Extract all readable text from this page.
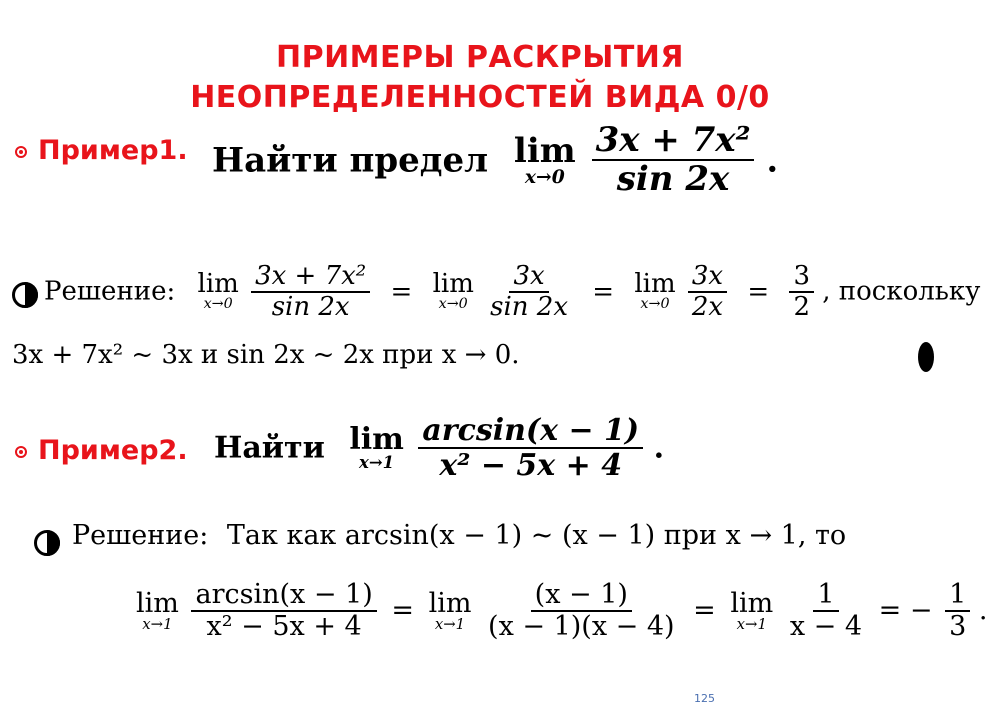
ПРИМЕРЫ РАСКРЫТИЯ
НЕОПРЕДЕЛЕННОСТЕЙ ВИДА 0/0
Пример1. Найти предел lim
x→0
$\frac{\text{3x + 7x²}}{\sin 2x}$ .
Решение: lim
x→0
$\frac{\text{3x + 7x²}}{\sin 2x} = \lim$
x→0
$\frac{3x}{\sin 2x} = \lim$
x→0
$\frac{3x}{2x} = \frac{3}{2}$ , поскольку
3x + 7x² ~ 3x и sin 2x ~ 2x при x → 0.
Пример2. Найти lim
x→1
$\frac{\arcsin(x - 1)}{\text{x² − 5x + 4}}$ .
Решение: Так как arcsin(x − 1) ~ (x − 1) при x → 1, то
lim
x→1
$\frac{\arcsin(x - 1)}{\text{x² − 5x + 4}} = \lim$
x→1
$\frac{(x - 1)}{(x - 1)(x - 4)} = \lim$
x→1
$\frac{1}{x - 4}$ = − $\frac{1}{3}$ .
125
